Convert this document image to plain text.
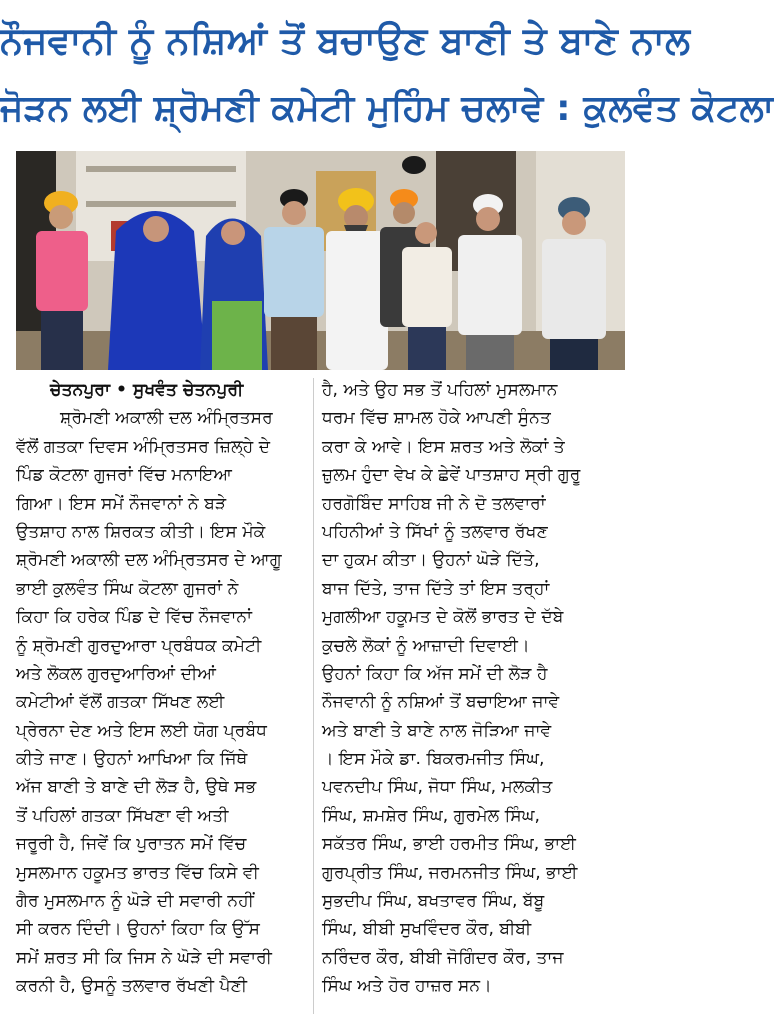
ਨੌਜਵਾਨੀ ਨੂੰ ਨਸ਼ਿਆਂ ਤੋਂ ਬਚਾਉਣ ਬਾਣੀ ਤੇ ਬਾਣੇ ਨਾਲ
ਜੋੜਨ ਲਈ ਸ਼੍ਰੋਮਣੀ ਕਮੇਟੀ ਮੁਹਿੰਮ ਚਲਾਵੇ : ਕੁਲਵੰਤ ਕੋਟਲਾ
ਚੇਤਨਪੁਰਾ • ਸੁਖਵੰਤ ਚੇਤਨਪੁਰੀ
ਸ਼੍ਰੋਮਣੀ ਅਕਾਲੀ ਦਲ ਅੰਮ੍ਰਿਤਸਰ
ਵੱਲੋਂ ਗਤਕਾ ਦਿਵਸ ਅੰਮ੍ਰਿਤਸਰ ਜ਼ਿਲ੍ਹੇ ਦੇ
ਪਿੰਡ ਕੋਟਲਾ ਗੁਜਰਾਂ ਵਿੱਚ ਮਨਾਇਆ
ਗਿਆ। ਇਸ ਸਮੇਂ ਨੌਜਵਾਨਾਂ ਨੇ ਬੜੇ
ਉਤਸ਼ਾਹ ਨਾਲ ਸ਼ਿਰਕਤ ਕੀਤੀ। ਇਸ ਮੌਕੇ
ਸ਼੍ਰੋਮਣੀ ਅਕਾਲੀ ਦਲ ਅੰਮ੍ਰਿਤਸਰ ਦੇ ਆਗੂ
ਭਾਈ ਕੁਲਵੰਤ ਸਿੰਘ ਕੋਟਲਾ ਗੁਜਰਾਂ ਨੇ
ਕਿਹਾ ਕਿ ਹਰੇਕ ਪਿੰਡ ਦੇ ਵਿੱਚ ਨੌਜਵਾਨਾਂ
ਨੂੰ ਸ਼੍ਰੋਮਣੀ ਗੁਰਦੁਆਰਾ ਪ੍ਰਬੰਧਕ ਕਮੇਟੀ
ਅਤੇ ਲੋਕਲ ਗੁਰਦੁਆਰਿਆਂ ਦੀਆਂ
ਕਮੇਟੀਆਂ ਵੱਲੋਂ ਗਤਕਾ ਸਿੱਖਣ ਲਈ
ਪ੍ਰੇਰਨਾ ਦੇਣ ਅਤੇ ਇਸ ਲਈ ਯੋਗ ਪ੍ਰਬੰਧ
ਕੀਤੇ ਜਾਣ। ਉਹਨਾਂ ਆਖਿਆ ਕਿ ਜਿੱਥੇ
ਅੱਜ ਬਾਣੀ ਤੇ ਬਾਣੇ ਦੀ ਲੋੜ ਹੈ, ਉਥੇ ਸਭ
ਤੋਂ ਪਹਿਲਾਂ ਗਤਕਾ ਸਿੱਖਣਾ ਵੀ ਅਤੀ
ਜਰੂਰੀ ਹੈ, ਜਿਵੇਂ ਕਿ ਪੁਰਾਤਨ ਸਮੇਂ ਵਿੱਚ
ਮੁਸਲਮਾਨ ਹਕੂਮਤ ਭਾਰਤ ਵਿੱਚ ਕਿਸੇ ਵੀ
ਗੈਰ ਮੁਸਲਮਾਨ ਨੂੰ ਘੋੜੇ ਦੀ ਸਵਾਰੀ ਨਹੀਂ
ਸੀ ਕਰਨ ਦਿੰਦੀ। ਉਹਨਾਂ ਕਿਹਾ ਕਿ ਉੱਸ
ਸਮੇਂ ਸ਼ਰਤ ਸੀ ਕਿ ਜਿਸ ਨੇ ਘੋੜੇ ਦੀ ਸਵਾਰੀ
ਕਰਨੀ ਹੈ, ਉਸਨੂੰ ਤਲਵਾਰ ਰੱਖਣੀ ਪੈਣੀ
ਹੈ, ਅਤੇ ਉਹ ਸਭ ਤੋਂ ਪਹਿਲਾਂ ਮੁਸਲਮਾਨ
ਧਰਮ ਵਿੱਚ ਸ਼ਾਮਲ ਹੋਕੇ ਆਪਣੀ ਸੁੰਨਤ
ਕਰਾ ਕੇ ਆਵੇ। ਇਸ ਸ਼ਰਤ ਅਤੇ ਲੋਕਾਂ ਤੇ
ਜ਼ੁਲਮ ਹੁੰਦਾ ਵੇਖ ਕੇ ਛੇਵੇਂ ਪਾਤਸ਼ਾਹ ਸ੍ਰੀ ਗੁਰੂ
ਹਰਗੋਬਿੰਦ ਸਾਹਿਬ ਜੀ ਨੇ ਦੋ ਤਲਵਾਰਾਂ
ਪਹਿਨੀਆਂ ਤੇ ਸਿੱਖਾਂ ਨੂੰ ਤਲਵਾਰ ਰੱਖਣ
ਦਾ ਹੁਕਮ ਕੀਤਾ। ਉਹਨਾਂ ਘੋੜੇ ਦਿੱਤੇ,
ਬਾਜ ਦਿੱਤੇ, ਤਾਜ ਦਿੱਤੇ ਤਾਂ ਇਸ ਤਰ੍ਹਾਂ
ਮੁਗਲੀਆ ਹਕੂਮਤ ਦੇ ਕੋਲੋਂ ਭਾਰਤ ਦੇ ਦੱਬੇ
ਕੁਚਲੇ ਲੋਕਾਂ ਨੂੰ ਆਜ਼ਾਦੀ ਦਿਵਾਈ।
ਉਹਨਾਂ ਕਿਹਾ ਕਿ ਅੱਜ ਸਮੇਂ ਦੀ ਲੋੜ ਹੈ
ਨੌਜਵਾਨੀ ਨੂੰ ਨਸ਼ਿਆਂ ਤੋਂ ਬਚਾਇਆ ਜਾਵੇ
ਅਤੇ ਬਾਣੀ ਤੇ ਬਾਣੇ ਨਾਲ ਜੋੜਿਆ ਜਾਵੇ
। ਇਸ ਮੌਕੇ ਡਾ. ਬਿਕਰਮਜੀਤ ਸਿੰਘ,
ਪਵਨਦੀਪ ਸਿੰਘ, ਜੋਧਾ ਸਿੰਘ, ਮਲਕੀਤ
ਸਿੰਘ, ਸ਼ਮਸ਼ੇਰ ਸਿੰਘ, ਗੁਰਮੇਲ ਸਿੰਘ,
ਸਕੱਤਰ ਸਿੰਘ, ਭਾਈ ਹਰਮੀਤ ਸਿੰਘ, ਭਾਈ
ਗੁਰਪ੍ਰੀਤ ਸਿੰਘ, ਜਰਮਨਜੀਤ ਸਿੰਘ, ਭਾਈ
ਸੁਭਦੀਪ ਸਿੰਘ, ਬਖਤਾਵਰ ਸਿੰਘ, ਬੱਬੂ
ਸਿੰਘ, ਬੀਬੀ ਸੁਖਵਿੰਦਰ ਕੌਰ, ਬੀਬੀ
ਨਰਿੰਦਰ ਕੌਰ, ਬੀਬੀ ਜੋਗਿੰਦਰ ਕੌਰ, ਤਾਜ
ਸਿੰਘ ਅਤੇ ਹੋਰ ਹਾਜ਼ਰ ਸਨ।
